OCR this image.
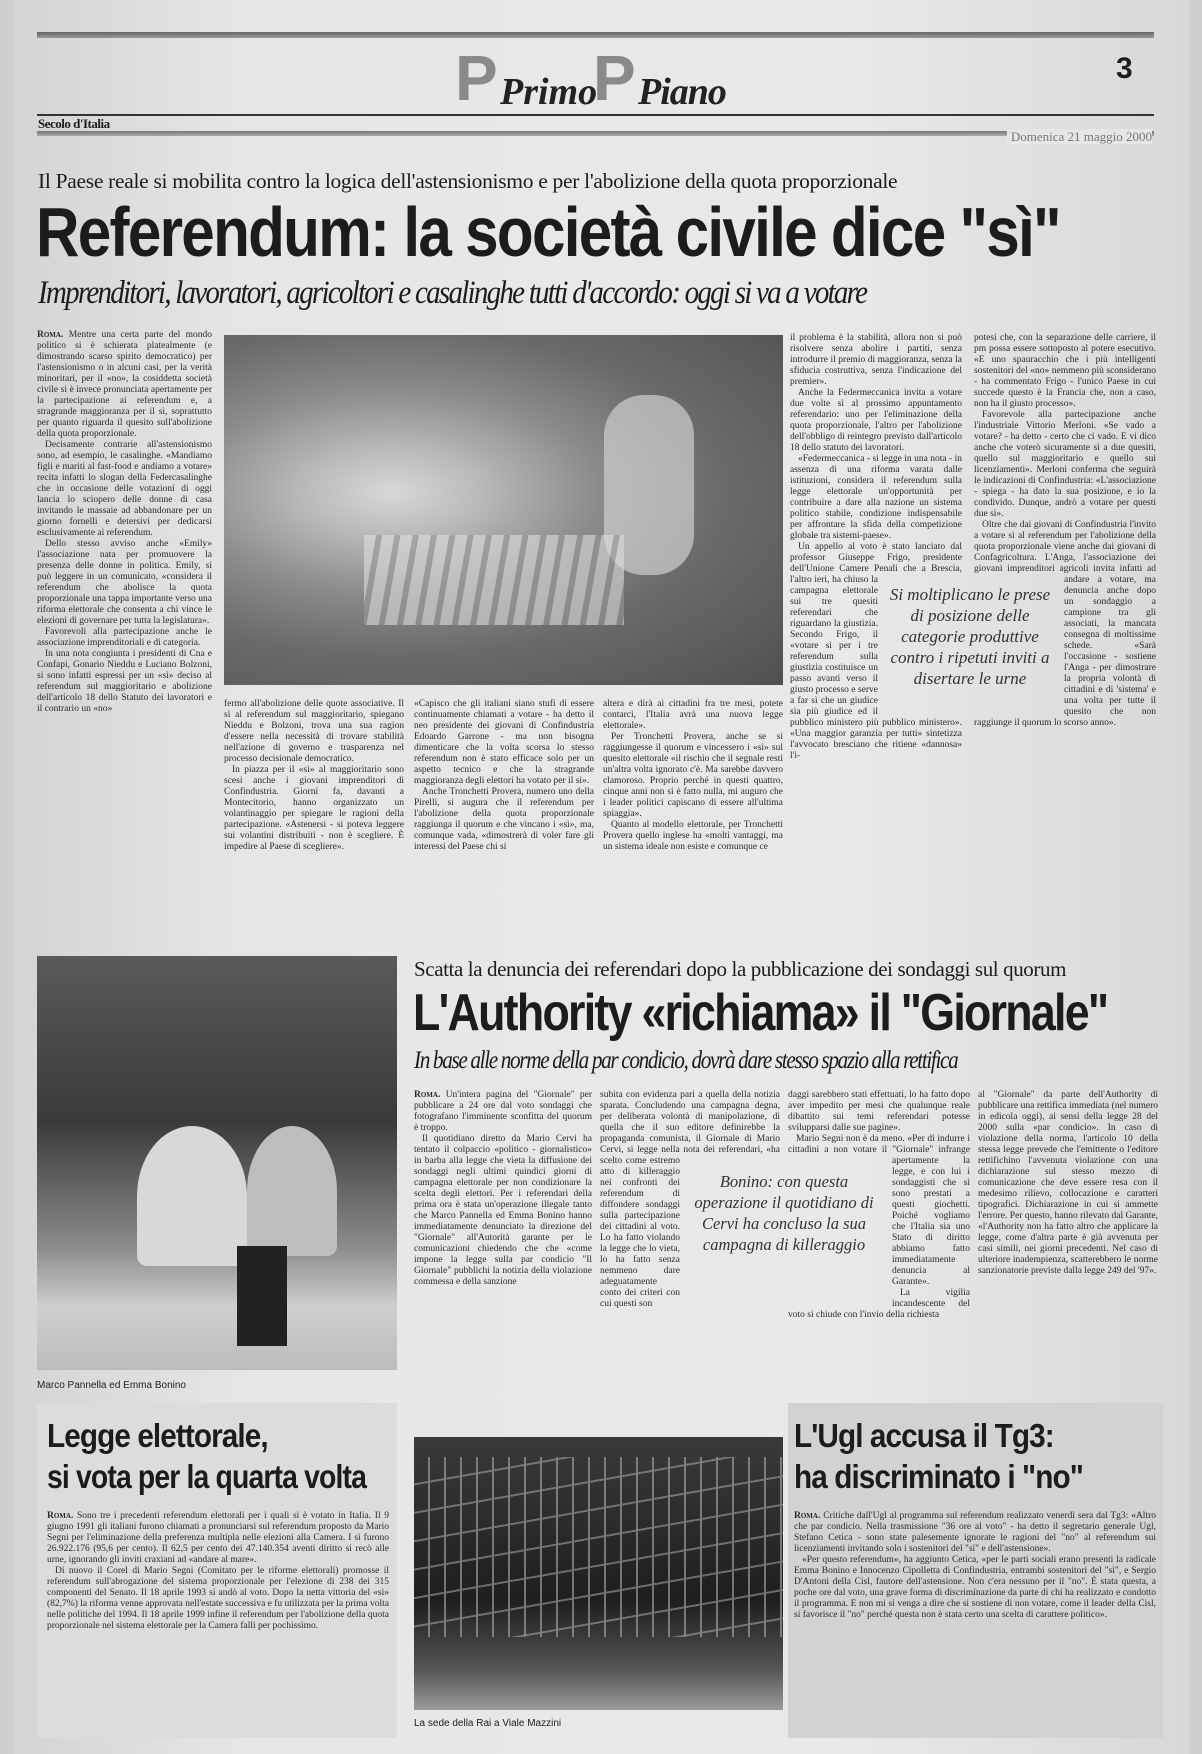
P Primo
P Piano
3
Secolo d'Italia
Domenica 21 maggio 2000
Il Paese reale si mobilita contro la logica dell'astensionismo e per l'abolizione della quota proporzionale
Referendum: la società civile dice "sì"
Imprenditori, lavoratori, agricoltori e casalinghe tutti d'accordo: oggi si va a votare

Roma. Mentre una certa parte del mondo politico si è schierata platealmente (e dimostrando scarso spirito democratico) per l'astensionismo o in alcuni casi, per la verità minoritari, per il «no», la cosiddetta società civile si è invece pronunciata apertamente per la partecipazione ai referendum e, a stragrande maggioranza per il sì, soprattutto per quanto riguarda il quesito sull'abolizione della quota proporzionale.

Decisamente contrarie all'astensionismo sono, ad esempio, le casalinghe. «Mandiamo figli e mariti al fast-food e andiamo a votare» recita infatti lo slogan della Federcasalinghe che in occasione delle votazioni di oggi lancia lo sciopero delle donne di casa invitando le massaie ad abbandonare per un giorno fornelli e detersivi per dedicarsi esclusivamente ai referendum.

Dello stesso avviso anche «Emily» l'associazione nata per promuovere la presenza delle donne in politica. Emily, si può leggere in un comunicato, «considera il referendum che abolisce la quota proporzionale una tappa importante verso una riforma elettorale che consenta a chi vince le elezioni di governare per tutta la legislatura».

Favorevoli alla partecipazione anche le associazione imprenditoriali e di categoria.

In una nota congiunta i presidenti di Cna e Confapi, Gonario Nieddu e Luciano Bolzoni, si sono infatti espressi per un «sì» deciso al referendum sul maggioritario e abolizione dell'articolo 18 dello Statuto dei lavoratori e il contrario un «no»	fermo all'abolizione delle quote associative. Il sì al referendum sul maggioritario, spiegano Nieddu e Bolzoni, trova una sua ragion d'essere nella necessità di trovare stabilità nell'azione di governo e trasparenza nel processo decisionale democratico.

In piazza per il «sì» al maggioritario sono scesi anche i giovani imprenditori di Confindustria. Giorni fa, davanti a Montecitorio, hanno organizzato un volantinaggio per spiegare le ragioni della partecipazione. «Astenersi - si poteva leggere sui volantini distribuiti - non è scegliere. È impedire al Paese di scegliere».

«Capisco che gli italiani siano stufi di essere continuamente chiamati a votare - ha detto il neo presidente dei giovani di Confindustria Edoardo Garrone - ma non bisogna dimenticare che la volta scorsa lo stesso referendum non è stato efficace solo per un aspetto tecnico e che la stragrande maggioranza degli elettori ha votato per il sì».

Anche Tronchetti Provera, numero uno della Pirelli, si augura che il referendum per l'abolizione della quota proporzionale raggiunga il quorum e che vincano i «sì», ma, comunque vada, «dimostrerà di voler fare gli interessi del Paese chi si

altera e dirà ai cittadini fra tre mesi, potete contarci, l'Italia avrà una nuova legge elettorale».

Per Tronchetti Provera, anche se si raggiungesse il quorum e vincessero i «sì» sul quesito elettorale «il rischio che il segnale resti un'altra volta ignorato c'è. Ma sarebbe davvero clamoroso. Proprio perché in questi quattro, cinque anni non si è fatto nulla, mi auguro che i leader politici capiscano di essere all'ultima spiaggia».

Quanto al modello elettorale, per Tronchetti Provera quello inglese ha «molti vantaggi, ma un sistema ideale non esiste e comunque ce

il problema è la stabilità, allora non si può risolvere senza abolire i partiti, senza introdurre il premio di maggioranza, senza la sfiducia costruttiva, senza l'indicazione del premier».

Anche la Federmeccanica invita a votare due volte sì al prossimo appuntamento referendario: uno per l'eliminazione della quota proporzionale, l'altro per l'abolizione dell'obbligo di reintegro previsto dall'articolo 18 dello statuto dei lavoratori.

«Federmeccanica - si legge in una nota - in assenza di una riforma varata dalle istituzioni, considera il referendum sulla legge elettorale un'opportunità per contribuire a dare alla nazione un sistema politico stabile, condizione indispensabile per affrontare la sfida della competizione globale tra sistemi-paese».

Un appello al voto è stato lanciato dal professor Giuseppe Frigo, presidente dell'Unione Camere Penali che a Brescia, l'altro ieri, ha chiuso la campagna elettorale sui tre quesiti referendari che riguardano la giustizia. Secondo Frigo, il «votare sì per i tre referendum sulla giustizia costituisce un passo avanti verso il giusto processo e serve a far sì che un giudice sia più giudice ed il pubblico ministero più pubblico ministero». «Una maggior garanzia per tutti» sintetizza l'avvocato bresciano che ritiene «dannosa» l'i-

potesi che, con la separazione delle carriere, il pm possa essere sottoposto al potere esecutivo. «E uno spauracchio che i più intelligenti sostenitori del «no» nemmeno più sconsiderano - ha commentato Frigo - l'unico Paese in cui succede questo è la Francia che, non a caso, non ha il giusto processo».

Favorevole alla partecipazione anche l'industriale Vittorio Merloni. «Se vado a votare? - ha detto - certo che ci vado. E vi dico anche che voterò sicuramente sì a due quesiti, quello sul maggioritario e quello sui licenziamenti». Merloni conferma che seguirà le indicazioni di Confindustria: «L'associazione - spiega - ha dato la sua posizione, e io la condivido. Dunque, andrò a votare per questi due sì».

Oltre che dai giovani di Confindustria l'invito a votare sì al referendum per l'abolizione della quota proporzionale viene anche dai giovani di Confagricoltura. L'Anga, l'associazione dei giovani imprenditori agricoli invita infatti ad andare a votare, ma denuncia anche dopo un sondaggio a campione tra gli associati, la mancata consegna di moltissime schede. «Sarà l'occasione - sostiene l'Anga - per dimostrare la propria volontà di cittadini e di 'sistema' e una volta per tutte il quesito che non raggiunge il quorum lo scorso anno».

Si moltiplicano le prese di posizione delle categorie produttive contro i ripetuti inviti a disertare le urne
Marco Pannella ed Emma Bonino
Scatta la denuncia dei referendari dopo la pubblicazione dei sondaggi sul quorum
L'Authority «richiama» il "Giornale"
In base alle norme della par condicio, dovrà dare stesso spazio alla rettifica

Roma. Un'intera pagina del "Giornale" per pubblicare a 24 ore dal voto sondaggi che fotografano l'imminente sconfitta del quorum è troppo.

Il quotidiano diretto da Mario Cervi ha tentato il colpaccio «politico - giornalistico» in barba alla legge che vieta la diffusione dei sondaggi negli ultimi quindici giorni di campagna elettorale per non condizionare la scelta degli elettori. Per i referendari della prima ora è stata un'operazione illegale tanto che Marco Pannella ed Emma Bonino hanno immediatamente denunciato la direzione del "Giornale" all'Autorità garante per le comunicazioni chiedendo che che «come impone la legge sulla par condicio "Il Giornale" pubblichi la notizia della violazione commessa e della sanzione

subita con evidenza pari a quella della notizia sparata. Concludendo una campagna degna, per deliberata volontà di manipolazione, di quella che il suo editore definirebbe la propaganda comunista, il Giornale di Mario Cervi, si legge nella nota dei referendari, «ha scelto come estremo atto di killeraggio nei confronti dei referendum di diffondere sondaggi sulla partecipazione dei cittadini al voto. Lo ha fatto violando la legge che lo vieta, lo ha fatto senza nemmeno dare adeguatamente conto dei criteri con cui questi son

daggi sarebbero stati effettuati, lo ha fatto dopo aver impedito per mesi che qualunque reale dibattito sui temi referendari potesse svilupparsi dalle sue pagine».

Mario Segni non è da meno. «Per di indurre i cittadini a non votare il "Giornale" infrange apertamente la legge, e con lui i sondaggisti che si sono prestati a questi giochetti. Poiché vogliamo che l'Italia sia uno Stato di diritto abbiamo fatto immediatamente denuncia al Garante».

La vigilia incandescente del voto si chiude con l'invio della richiesta

al "Giornale" da parte dell'Authority di pubblicare una rettifica immediata (nel numero in edicola oggi), ai sensi della legge 28 del 2000 sulla «par condicio». In caso di violazione della norma, l'articolo 10 della stessa legge prevede che l'emittente o l'editore rettifichino l'avvenuta violazione con una dichiarazione sul stesso mezzo di comunicazione che deve essere resa con il medesimo rilievo, collocazione e caratteri tipografici. Dichiarazione in cui si ammette l'errore. Per questo, hanno rilevato dal Garante, «l'Authority non ha fatto altro che applicare la legge, come d'altra parte è già avvenuta per casi simili, nei giorni precedenti. Nel caso di ulteriore inadempienza, scatterebbero le norme sanzionatorie previste dalla legge 249 del '97».

Bonino: con questa operazione il quotidiano di Cervi ha concluso la sua campagna di killeraggio
Legge elettorale,
si vota per la quarta volta

Roma. Sono tre i precedenti referendum elettorali per i quali si è votato in Italia. Il 9 giugno 1991 gli italiani furono chiamati a pronunciarsi sul referendum proposto da Mario Segni per l'eliminazione della preferenza multipla nelle elezioni alla Camera. I sì furono 26.922.176 (95,6 per cento). Il 62,5 per cento dei 47.140.354 aventi diritto si recò alle urne, ignorando gli inviti craxiani ad «andare al mare».

Di nuovo il Corel di Mario Segni (Comitato per le riforme elettorali) promosse il referendum sull'abrogazione del sistema proporzionale per l'elezione di 238 dei 315 componenti del Senato. Il 18 aprile 1993 si andò al voto. Dopo la netta vittoria del «sì» (82,7%) la riforma venne approvata nell'estate successiva e fu utilizzata per la prima volta nelle politiche del 1994. Il 18 aprile 1999 infine il referendum per l'abolizione della quota proporzionale nel sistema elettorale per la Camera fallì per pochissimo.

La sede della Rai a Viale Mazzini
L'Ugl accusa il Tg3:
ha discriminato i "no"

Roma. Critiche dall'Ugl al programma sul referendum realizzato venerdì sera dal Tg3: «Altro che par condicio. Nella trasmissione "36 ore al voto" - ha detto il segretario generale Ugl, Stefano Cetica - sono state palesemente ignorate le ragioni del "no" al referendum sui licenziamenti invitando solo i sostenitori del "sì" e dell'astensione».

«Per questo referendum», ha aggiunto Cetica, «per le parti sociali erano presenti la radicale Emma Bonino e Innocenzo Cipolletta di Confindustria, entrambi sostenitori del "sì", e Sergio D'Antoni della Cisl, fautore dell'astensione. Non c'era nessuno per il "no". È stata questa, a poche ore dal voto, una grave forma di discriminazione da parte di chi ha realizzato e condotto il programma. E non mi si venga a dire che si sostiene di non votare, come il leader della Cisl, si favorisce il "no" perché questa non è stata certo una scelta di carattere politico».
